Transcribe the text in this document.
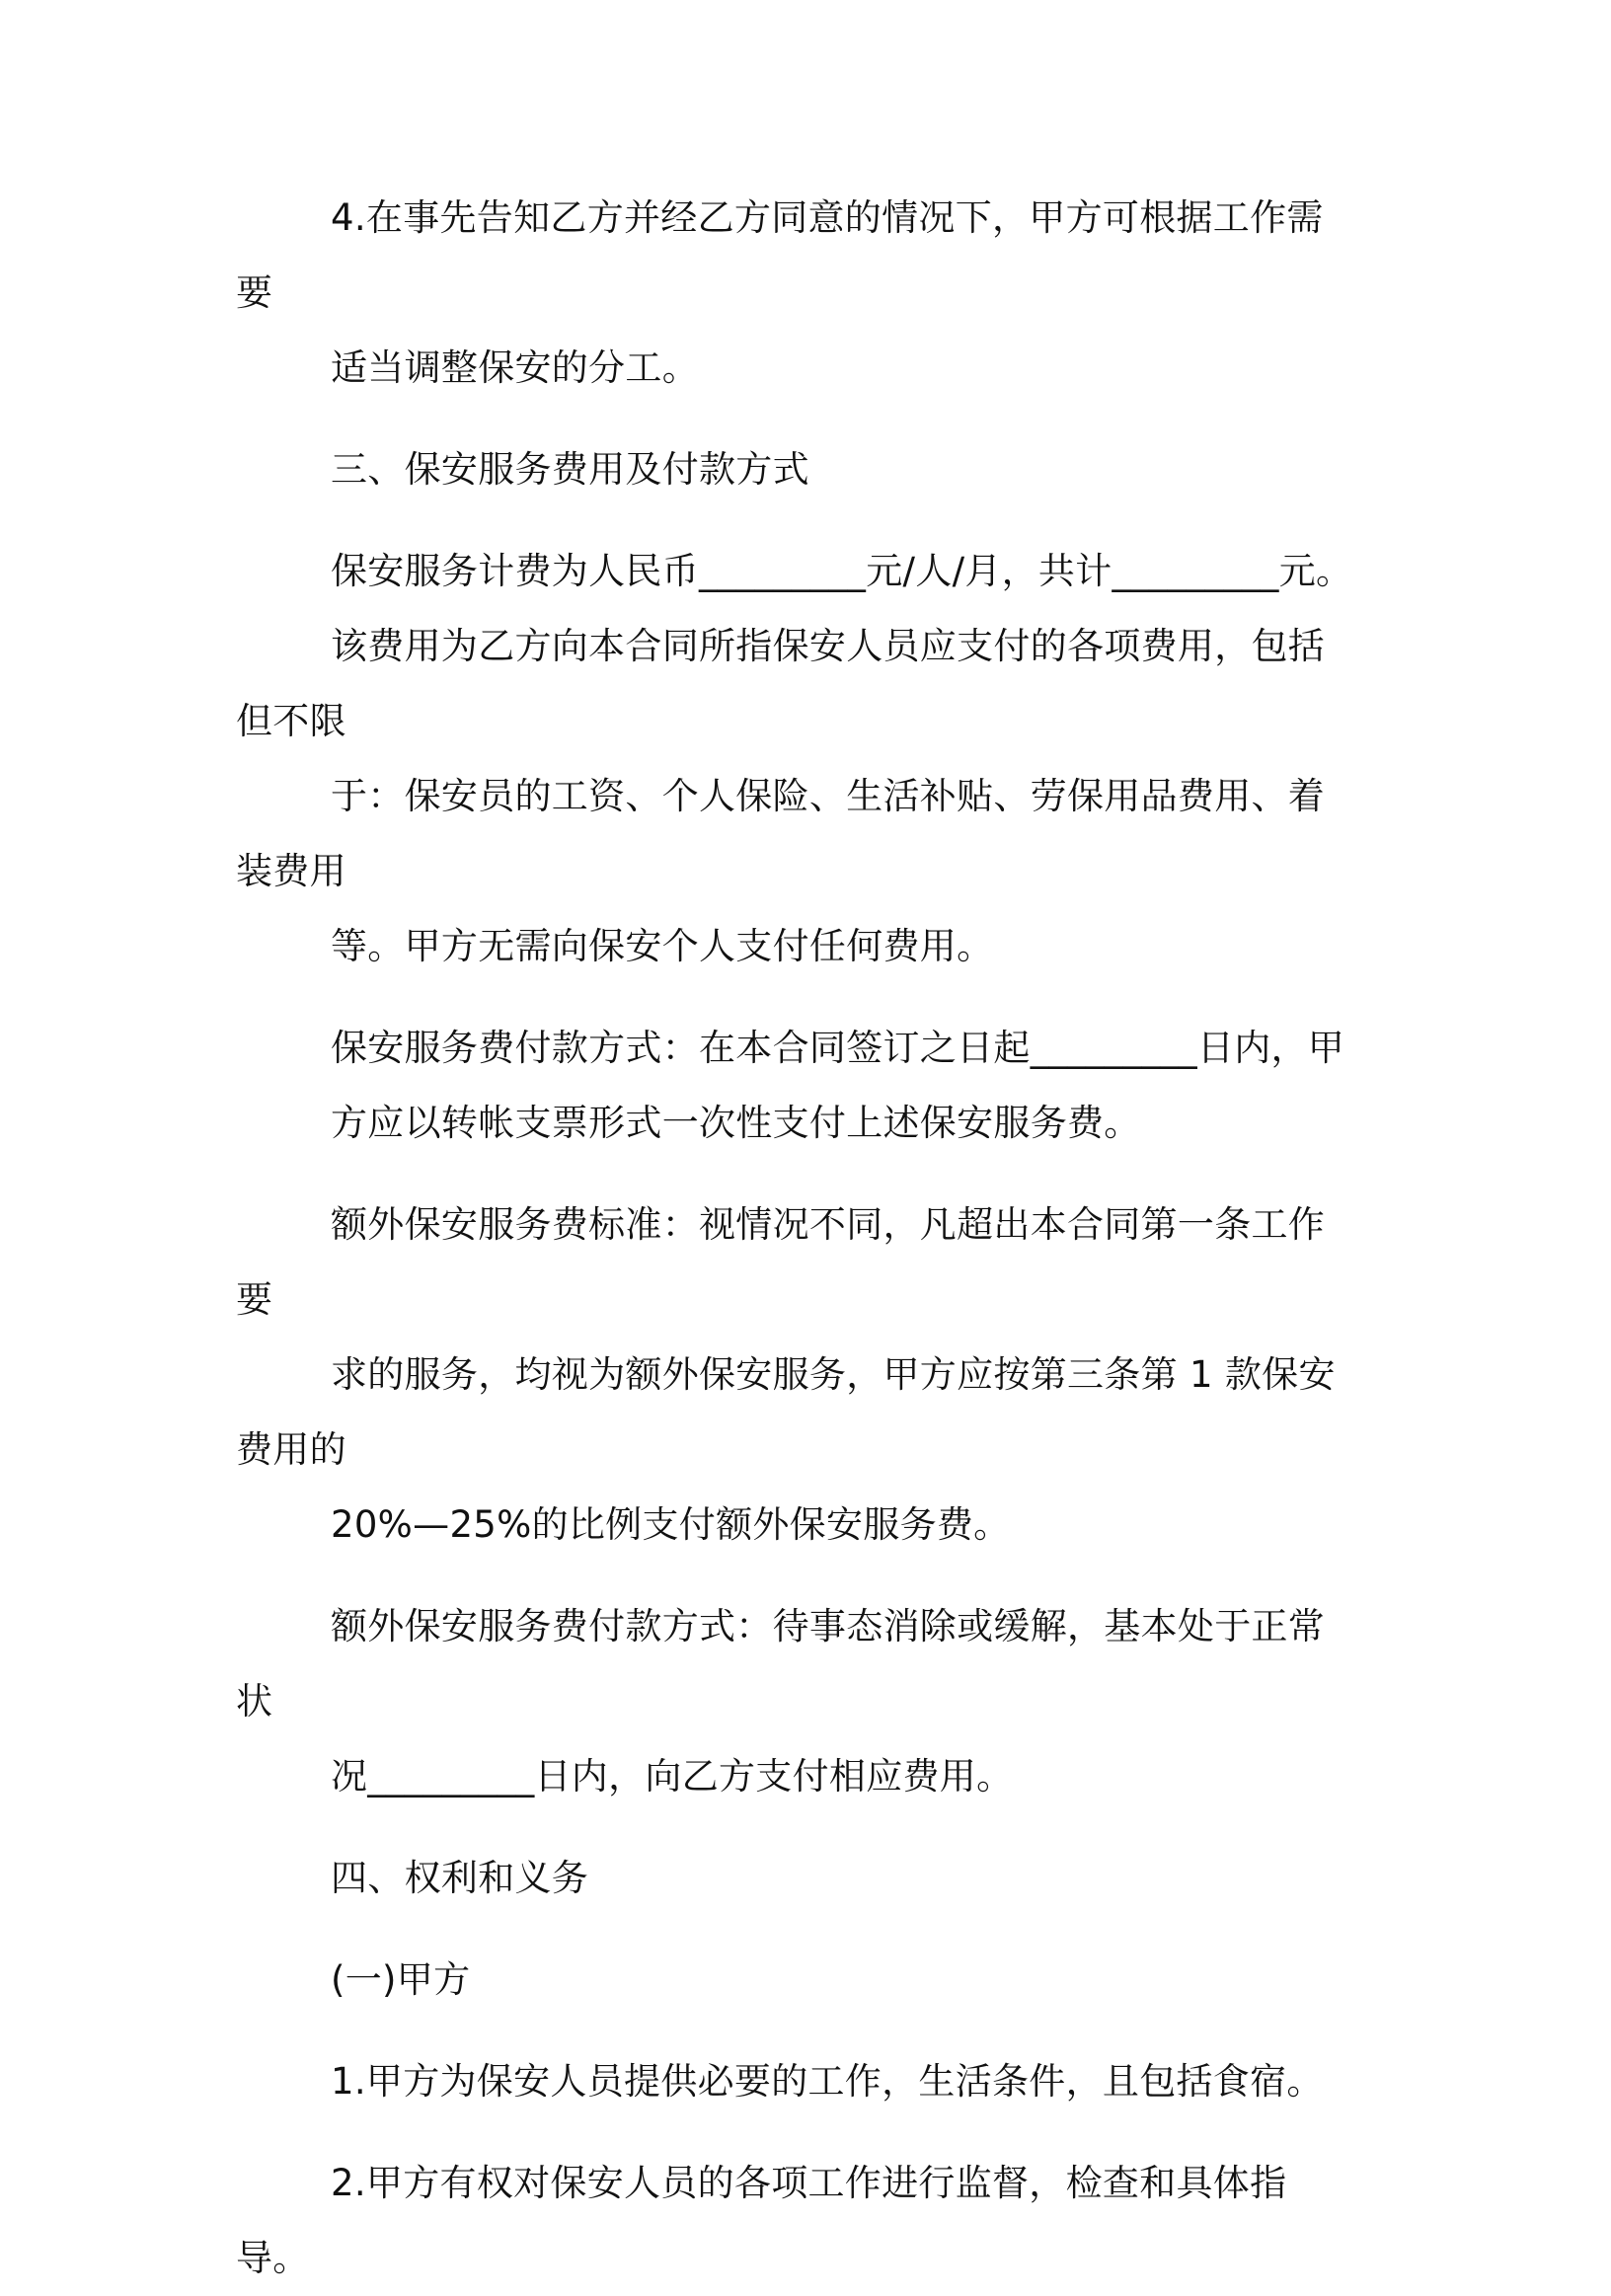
4.在事先告知乙方并经乙方同意的情况下，甲方可根据工作需要
适当调整保安的分工。

三、保安服务费用及付款方式

保安服务计费为人民币_________元/人/月，共计_________元。
该费用为乙方向本合同所指保安人员应支付的各项费用，包括但不限
于：保安员的工资、个人保险、生活补贴、劳保用品费用、着装费用
等。甲方无需向保安个人支付任何费用。

保安服务费付款方式：在本合同签订之日起_________日内，甲
方应以转帐支票形式一次性支付上述保安服务费。

额外保安服务费标准：视情况不同，凡超出本合同第一条工作要
求的服务，均视为额外保安服务，甲方应按第三条第 1 款保安费用的
20%—25%的比例支付额外保安服务费。

额外保安服务费付款方式：待事态消除或缓解，基本处于正常状
况_________日内，向乙方支付相应费用。

四、权利和义务

(一)甲方

1.甲方为保安人员提供必要的工作，生活条件，且包括食宿。

2.甲方有权对保安人员的各项工作进行监督，检查和具体指导。
